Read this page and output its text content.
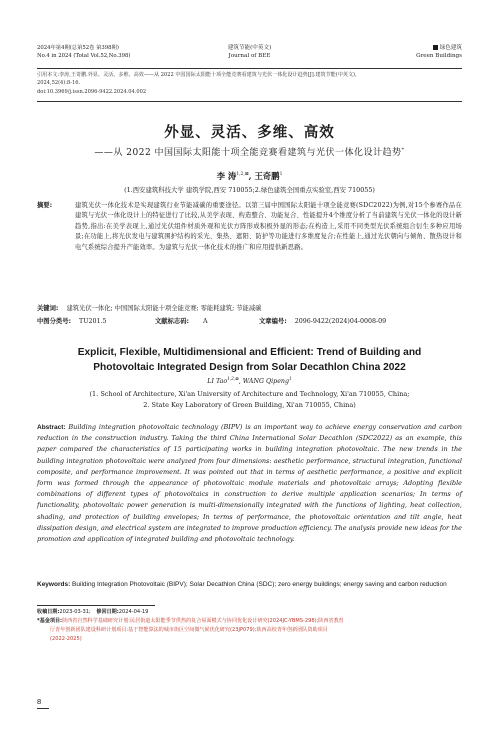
2024年第4期(总第52卷 第398期)
No.4 in 2024 (Total Vol.52,No.398)
建筑节能(中英文)
Journal of BEE
绿色建筑
Green Buildings
引用本文:李涛,王奇鹏.外显、灵活、多维、高效——从 2022 中国国际太阳能十项全能竞赛看建筑与光伏一体化设计趋势[J].建筑节能(中英文),
2024,52(4):8-16.
doi:10.3969/j.issn.2096-9422.2024.04.002
外显、灵活、多维、高效
——从 2022 中国国际太阳能十项全能竞赛看建筑与光伏一体化设计趋势*
李 涛$^{1,2,⊠}$, 王奇鹏$^1$
(1.西安建筑科技大学 建筑学院,西安 710055;2.绿色建筑全国重点实验室,西安 710055)
摘要:	建筑光伏一体化技术是实现建筑行业节能减碳的重要途径。以第三届中国国际太阳能十项全能竞赛(SDC2022)为例,对15个参赛作品在建筑与光伏一体化设计上的特征进行了比较,从美学表现、构造整合、功能复合、性能提升4个维度分析了当前建筑与光伏一体化的设计新趋势,指出:在美学表现上,通过光伏组件材质外观和光伏方阵形成积极外显的形态;在构造上,采用不同类型光伏系统组合衍生多种应用场景;在功能上,将光伏发电与建筑围护结构的采光、集热、遮阳、防护等功能进行多维度复合;在性能上,通过光伏朝向与倾角、散热设计和电气系统综合提升产能效率。为建筑与光伏一体化技术的推广和应用提供新思路。
关键词: 建筑光伏一体化; 中国国际太阳能十项全能竞赛; 零能耗建筑; 节能减碳
中图分类号: TU201.5	文献标志码: A	文章编号: 2096-9422(2024)04-0008-09
Explicit, Flexible, Multidimensional and Efficient: Trend of Building and
Photovoltaic Integrated Design from Solar Decathlon China 2022
LI Tao$^{1,2,⊠}$, WANG Qipeng$^1$
(1. School of Architecture, Xi'an University of Architecture and Technology, Xi'an 710055, China;
2. State Key Laboratory of Green Building, Xi'an 710055, China)
Abstract: Building integration photovoltaic technology (BIPV) is an important way to achieve energy conservation and carbon reduction in the construction industry. Taking the third China International Solar Decathlon (SDC2022) as an example, this paper compared the characteristics of 15 participating works in building integration photovoltaic. The new trends in the building integration photovoltaic were analyzed from four dimensions: aesthetic performance, structural integration, functional composite, and performance improvement. It was pointed out that in terms of aesthetic performance, a positive and explicit form was formed through the appearance of photovoltaic module materials and photovoltaic arrays; Adopting flexible combinations of different types of photovoltaics in construction to derive multiple application scenarios; In terms of functionality, photovoltaic power generation is multi-dimensionally integrated with the functions of lighting, heat collection, shading, and protection of building envelopes; In terms of performance, the photovoltaic orientation and tilt angle, heat dissipation design, and electrical system are integrated to improve production efficiency. The analysis provide new ideas for the promotion and application of integrated building and photovoltaic technology.
Keywords: Building Integration Photovoltaic (BIPV); Solar Decathlon China (SDC); zero energy buildings; energy saving and carbon reduction
收稿日期:2023-03-31; 修回日期:2024-04-19
*基金项目:陕西省自然科学基础研究计划:民居街道太阳能季节供热的复合屋面模式与协同优化设计研究(2024JC-YBMS-298);陕西省教育
厅青年创新团队建设科研计划项目:基于智能算法的城市街区空间微气候优化研究(23JP079);陕西高校青年创新团队资助项目
(2022-2025)
8
